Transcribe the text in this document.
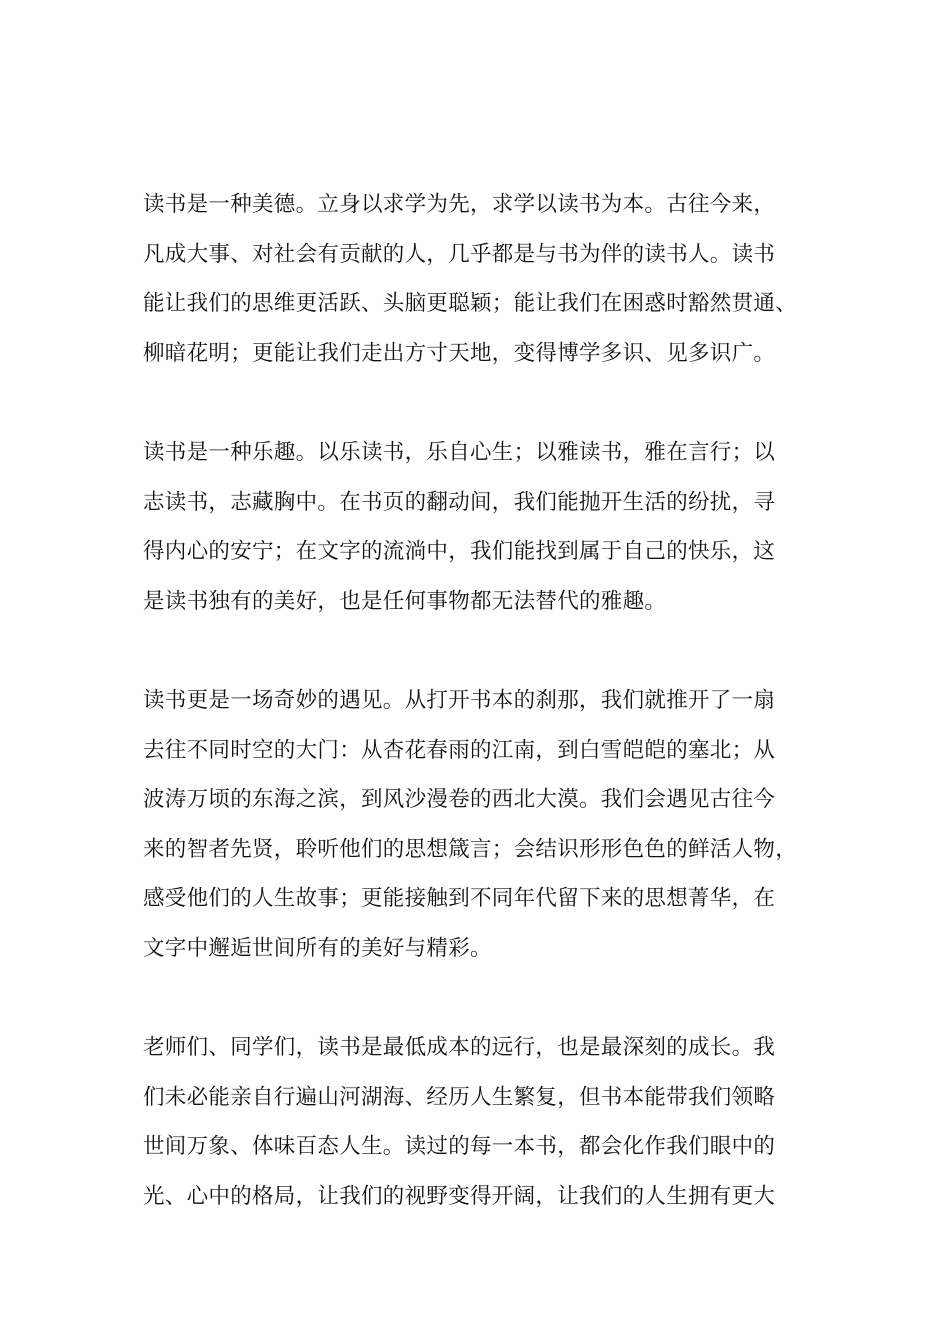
读书是一种美德。立身以求学为先，求学以读书为本。古往今来，
凡成大事、对社会有贡献的人，几乎都是与书为伴的读书人。读书
能让我们的思维更活跃、头脑更聪颖；能让我们在困惑时豁然贯通、
柳暗花明；更能让我们走出方寸天地，变得博学多识、见多识广。
读书是一种乐趣。以乐读书，乐自心生；以雅读书，雅在言行；以
志读书，志藏胸中。在书页的翻动间，我们能抛开生活的纷扰，寻
得内心的安宁；在文字的流淌中，我们能找到属于自己的快乐，这
是读书独有的美好，也是任何事物都无法替代的雅趣。
读书更是一场奇妙的遇见。从打开书本的刹那，我们就推开了一扇
去往不同时空的大门：从杏花春雨的江南，到白雪皑皑的塞北；从
波涛万顷的东海之滨，到风沙漫卷的西北大漠。我们会遇见古往今
来的智者先贤，聆听他们的思想箴言；会结识形形色色的鲜活人物，
感受他们的人生故事；更能接触到不同年代留下来的思想菁华，在
文字中邂逅世间所有的美好与精彩。
老师们、同学们，读书是最低成本的远行，也是最深刻的成长。我
们未必能亲自行遍山河湖海、经历人生繁复，但书本能带我们领略
世间万象、体味百态人生。读过的每一本书，都会化作我们眼中的
光、心中的格局，让我们的视野变得开阔，让我们的人生拥有更大
